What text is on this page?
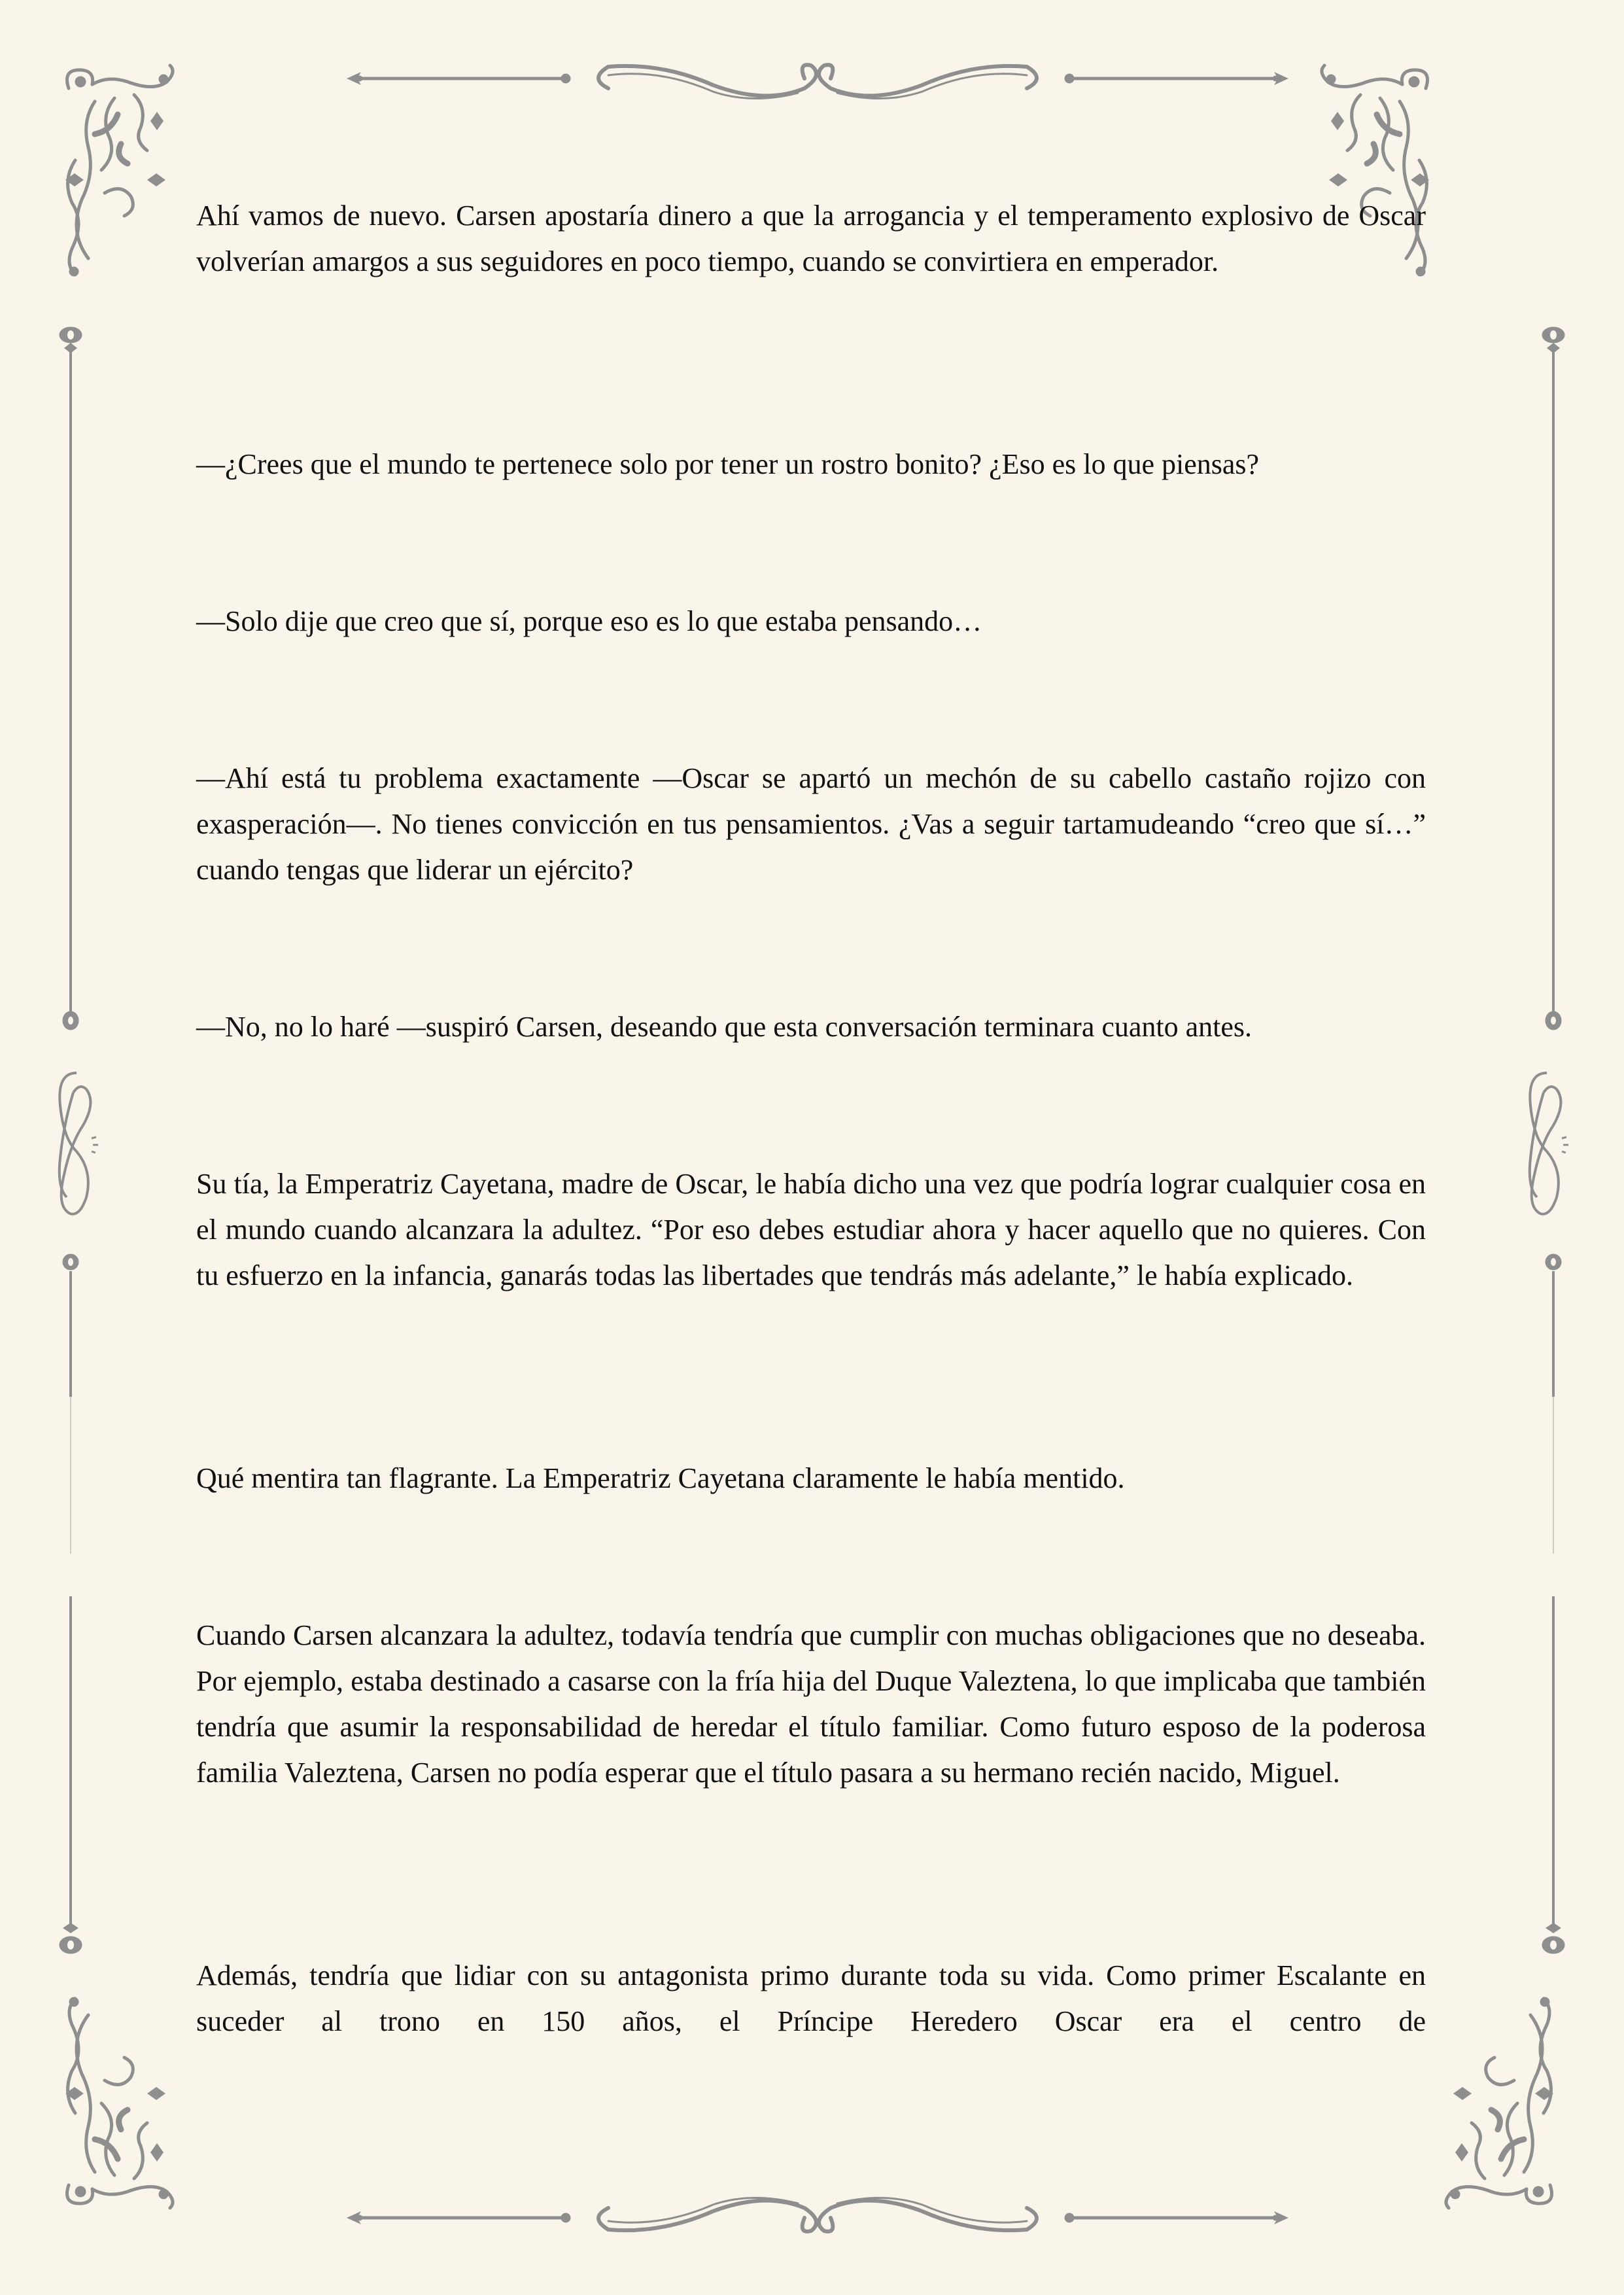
Ahí vamos de nuevo. Carsen apostaría dinero a que la arrogancia y el temperamento explosivo de Oscar volverían amargos a sus seguidores en poco tiempo, cuando se convirtiera en emperador.

—¿Crees que el mundo te pertenece solo por tener un rostro bonito? ¿Eso es lo que piensas?

—Solo dije que creo que sí, porque eso es lo que estaba pensando…

—Ahí está tu problema exactamente —Oscar se apartó un mechón de su cabello castaño rojizo con exasperación—. No tienes convicción en tus pensamientos. ¿Vas a seguir tartamudeando “creo que sí…” cuando tengas que liderar un ejército?

—No, no lo haré —suspiró Carsen, deseando que esta conversación terminara cuanto antes.

Su tía, la Emperatriz Cayetana, madre de Oscar, le había dicho una vez que podría lograr cualquier cosa en el mundo cuando alcanzara la adultez. “Por eso debes estudiar ahora y hacer aquello que no quieres. Con tu esfuerzo en la infancia, ganarás todas las libertades que tendrás más adelante,” le había explicado.

Qué mentira tan flagrante. La Emperatriz Cayetana claramente le había mentido.

Cuando Carsen alcanzara la adultez, todavía tendría que cumplir con muchas obligaciones que no deseaba. Por ejemplo, estaba destinado a casarse con la fría hija del Duque Valeztena, lo que implicaba que también tendría que asumir la responsabilidad de heredar el título familiar. Como futuro esposo de la poderosa familia Valeztena, Carsen no podía esperar que el título pasara a su hermano recién nacido, Miguel.

Además, tendría que lidiar con su antagonista primo durante toda su vida. Como primer Escalante en suceder al trono en 150 años, el Príncipe Heredero Oscar era el centro de
